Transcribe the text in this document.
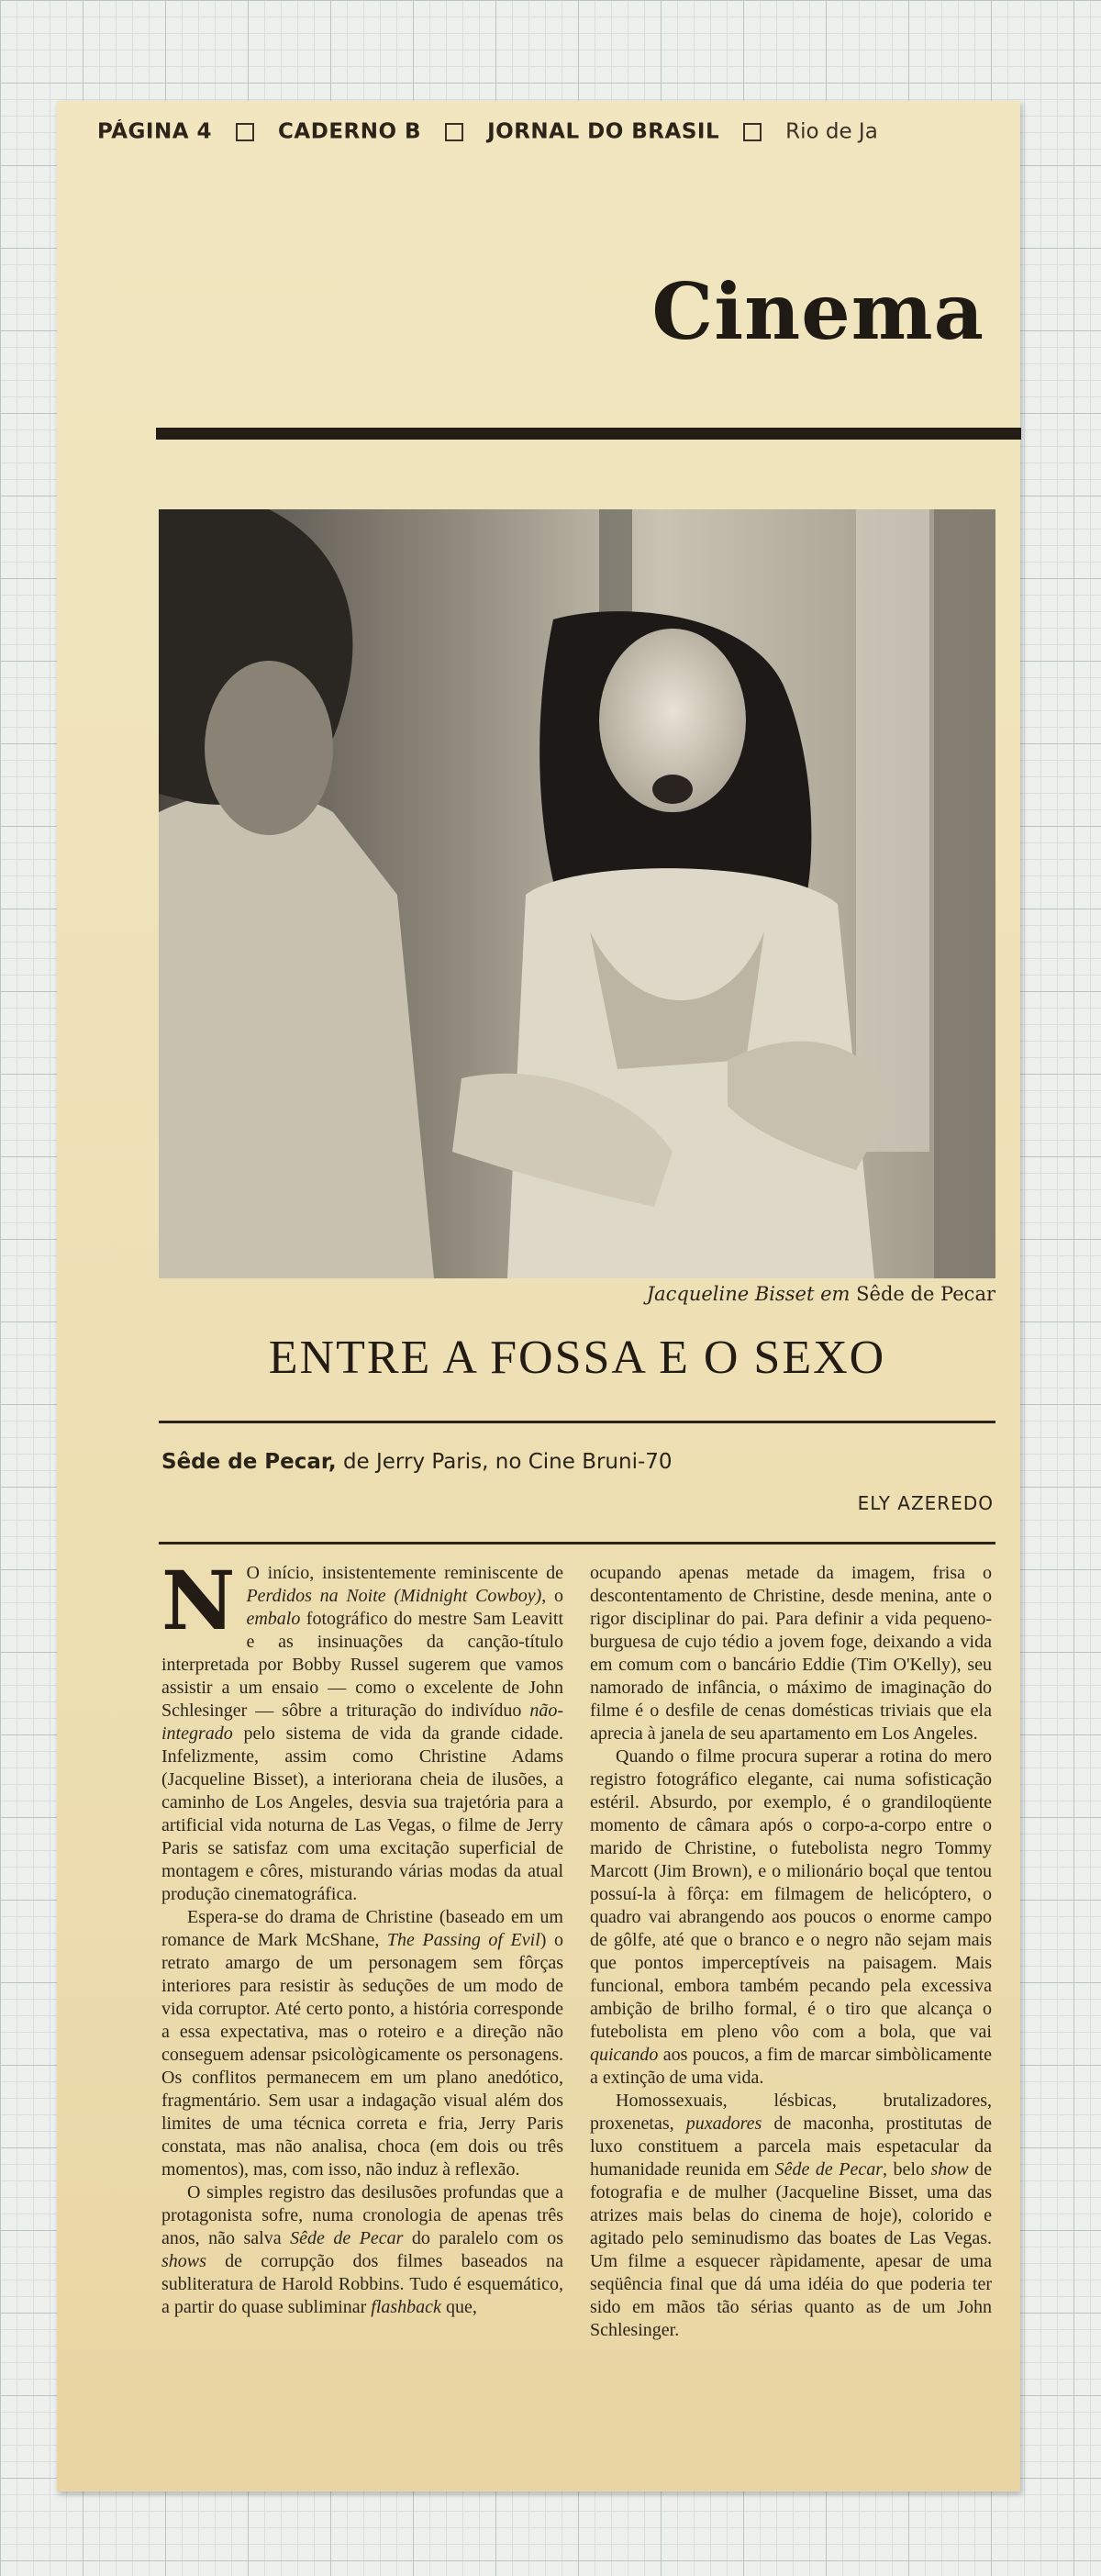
PÁGINA 4	CADERNO B	JORNAL DO BRASIL	Rio de Ja
Cinema
Jacqueline Bisset em Sêde de Pecar
ENTRE A FOSSA E O SEXO
Sêde de Pecar, de Jerry Paris, no Cine Bruni-70
ELY AZEREDO

N O início, insistentemente reminiscente de Perdidos na Noite (Midnight Cowboy), o embalo fotográfico do mestre Sam Leavitt e as insinuações da canção-título interpretada por Bobby Russel sugerem que vamos assistir a um ensaio — como o excelente de John Schlesinger — sôbre a trituração do indivíduo não-integrado pelo sistema de vida da grande cidade. Infelizmente, assim como Christine Adams (Jacqueline Bisset), a interiorana cheia de ilusões, a caminho de Los Angeles, desvia sua trajetória para a artificial vida noturna de Las Vegas, o filme de Jerry Paris se satisfaz com uma excitação superficial de montagem e côres, misturando várias modas da atual produção cinematográfica.

Espera-se do drama de Christine (baseado em um romance de Mark McShane, The Passing of Evil) o retrato amargo de um personagem sem fôrças interiores para resistir às seduções de um modo de vida corruptor. Até certo ponto, a história corresponde a essa expectativa, mas o roteiro e a direção não conseguem adensar psicològicamente os personagens. Os conflitos permanecem em um plano anedótico, fragmentário. Sem usar a indagação visual além dos limites de uma técnica correta e fria, Jerry Paris constata, mas não analisa, choca (em dois ou três momentos), mas, com isso, não induz à reflexão.

O simples registro das desilusões profundas que a protagonista sofre, numa cronologia de apenas três anos, não salva Sêde de Pecar do paralelo com os shows de corrupção dos filmes baseados na subliteratura de Harold Robbins. Tudo é esquemático, a partir do quase subliminar flashback que,

ocupando apenas metade da imagem, frisa o descontentamento de Christine, desde menina, ante o rigor disciplinar do pai. Para definir a vida pequeno-burguesa de cujo tédio a jovem foge, deixando a vida em comum com o bancário Eddie (Tim O'Kelly), seu namorado de infância, o máximo de imaginação do filme é o desfile de cenas domésticas triviais que ela aprecia à janela de seu apartamento em Los Angeles.

Quando o filme procura superar a rotina do mero registro fotográfico elegante, cai numa sofisticação estéril. Absurdo, por exemplo, é o grandiloqüente momento de câmara após o corpo-a-corpo entre o marido de Christine, o futebolista negro Tommy Marcott (Jim Brown), e o milionário boçal que tentou possuí-la à fôrça: em filmagem de helicóptero, o quadro vai abrangendo aos poucos o enorme campo de gôlfe, até que o branco e o negro não sejam mais que pontos imperceptíveis na paisagem. Mais funcional, embora também pecando pela excessiva ambição de brilho formal, é o tiro que alcança o futebolista em pleno vôo com a bola, que vai quicando aos poucos, a fim de marcar simbòlicamente a extinção de uma vida.

Homossexuais, lésbicas, brutalizadores, proxenetas, puxadores de maconha, prostitutas de luxo constituem a parcela mais espetacular da humanidade reunida em Sêde de Pecar, belo show de fotografia e de mulher (Jacqueline Bisset, uma das atrizes mais belas do cinema de hoje), colorido e agitado pelo seminudismo das boates de Las Vegas. Um filme a esquecer ràpidamente, apesar de uma seqüência final que dá uma idéia do que poderia ter sido em mãos tão sérias quanto as de um John Schlesinger.
